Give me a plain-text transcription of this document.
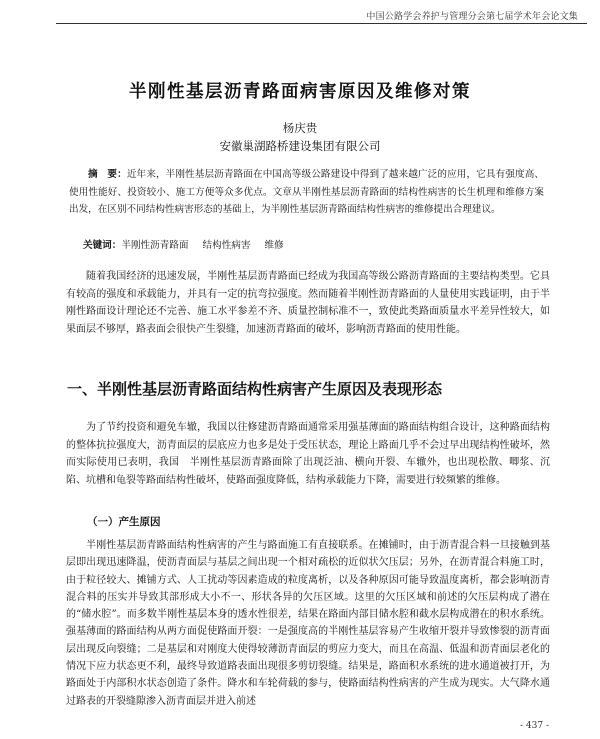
中国公路学会养护与管理分会第七届学术年会论文集
半刚性基层沥青路面病害原因及维修对策
杨庆贵
安徽巢湖路桥建设集团有限公司

摘　要：近年来，半刚性基层沥青路面在中国高等级公路建设中得到了越来越广泛的应用，它具有强度高、使用性能好、投资较小、施工方便等众多优点。文章从半刚性基层沥青路面的结构性病害的长生机理和维修方案出发，在区别不同结构性病害形态的基础上，为半刚性基层沥青路面结构性病害的维修提出合理建议。

关键词：半刚性沥青路面 结构性病害 维修

随着我国经济的迅速发展，半刚性基层沥青路面已经成为我国高等级公路沥青路面的主要结构类型。它具有较高的强度和承载能力，并具有一定的抗弯拉强度。然而随着半刚性沥青路面的人量使用实践证明，由于半刚性路面设计理论还不完善、施工水平参差不齐、质量控制标准不一，致使此类路面质量水平差异性较大，如果面层不够厚，路表面会很快产生裂缝，加速沥青路面的破坏，影响沥青路面的使用性能。

一、半刚性基层沥青路面结构性病害产生原因及表现形态

为了节约投资和避免车辙，我国以往修建沥青路面通常采用强基薄面的路面结构组合设计，这种路面结构的整体抗拉强度大，沥青面层的层底应力也多是处于受压状态，理论上路面几乎不会过早出现结构性破坏，然而实际使用已表明，我国　半刚性基层沥青路面除了出现泛油、横向开裂、车辙外，也出现松散、唧浆、沉陷、坑槽和龟裂等路面结构性破坏，使路面强度降低，结构承载能力下降，需要进行较频繁的维修。

（一）产生原因

半刚性基层沥青路面结构性病害的产生与路面施工有直接联系。在摊铺时，由于沥青混合料一旦接触到基层即出现迅速降温，使沥青面层与基层之间出现一个相对疏松的近似状欠压层；另外，在沥青混合料施工时，由于粒径较大、摊铺方式、人工扰动等因素造成的粒度离析，以及各种原因可能导致温度离析，都会影响沥青混合料的压实并导致其部形成大小不一、形状各异的欠压区域。这里的欠压区域和前述的欠压层构成了潜在的“储水腔”。而多数半刚性基层本身的透水性很差，结果在路面内部目储水腔和截水层构成潜在的积水系统。强基薄面的路面结构从两方面促使路面开裂：一是强度高的半刚性基层容易产生收缩开裂并导致惨裂的沥青面层出现反向裂缝；二是基层和对刚度大使得较薄沥青面层的剪应力变大，而且在高温、低温和沥青面层老化的情况下应力状态更不利，最终导致道路表面出现很多剪切裂缝。结果是，路面积水系统的进水通道被打开，为路面处于内部积水状态创造了条件。降水和车轮荷载的参与，使路面结构性病害的产生成为现实。大气降水通过路表的开裂缝隙渗入沥青面层并进入前述

- 437 -
